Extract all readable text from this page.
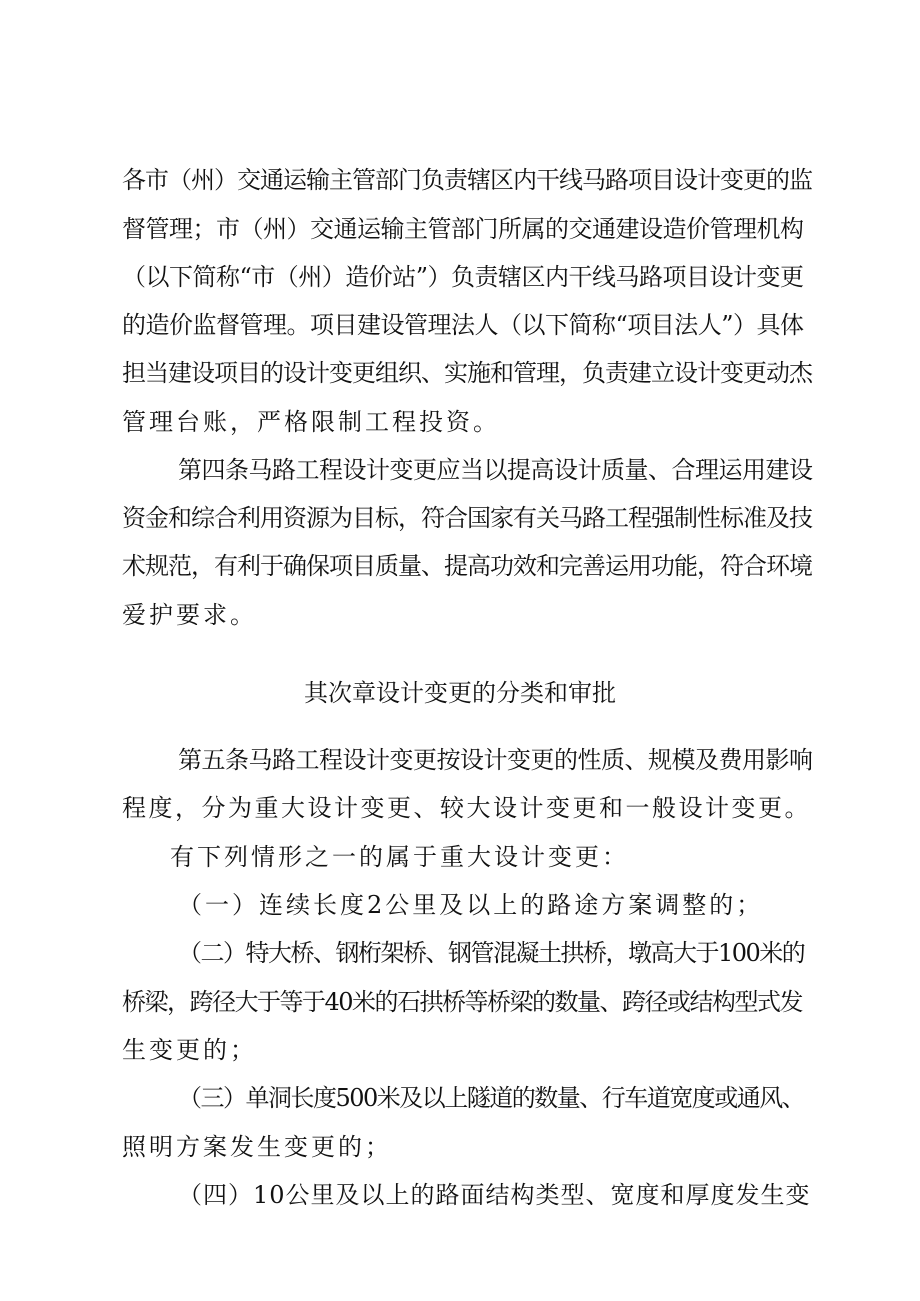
各市（州）交通运输主管部门负责辖区内干线马路项目设计变更的监
督管理；市（州）交通运输主管部门所属的交通建设造价管理机构
（以下简称“市（州）造价站”）负责辖区内干线马路项目设计变更
的造价监督管理。项目建设管理法人（以下简称“项目法人”）具体
担当建设项目的设计变更组织、实施和管理，负责建立设计变更动杰
管理台账，严格限制工程投资。
第四条马路工程设计变更应当以提高设计质量、合理运用建设
资金和综合利用资源为目标，符合国家有关马路工程强制性标准及技
术规范，有利于确保项目质量、提高功效和完善运用功能，符合环境
爱护要求。
其次章设计变更的分类和审批
第五条马路工程设计变更按设计变更的性质、规模及费用影响
程度，分为重大设计变更、较大设计变更和一般设计变更。
有下列情形之一的属于重大设计变更：
（一）连续长度2公里及以上的路途方案调整的；
（二）特大桥、钢桁架桥、钢管混凝土拱桥，墩高大于100米的
桥梁，跨径大于等于40米的石拱桥等桥梁的数量、跨径或结构型式发
生变更的；
（三）单洞长度500米及以上隧道的数量、行车道宽度或通风、
照明方案发生变更的；
（四）10公里及以上的路面结构类型、宽度和厚度发生变
